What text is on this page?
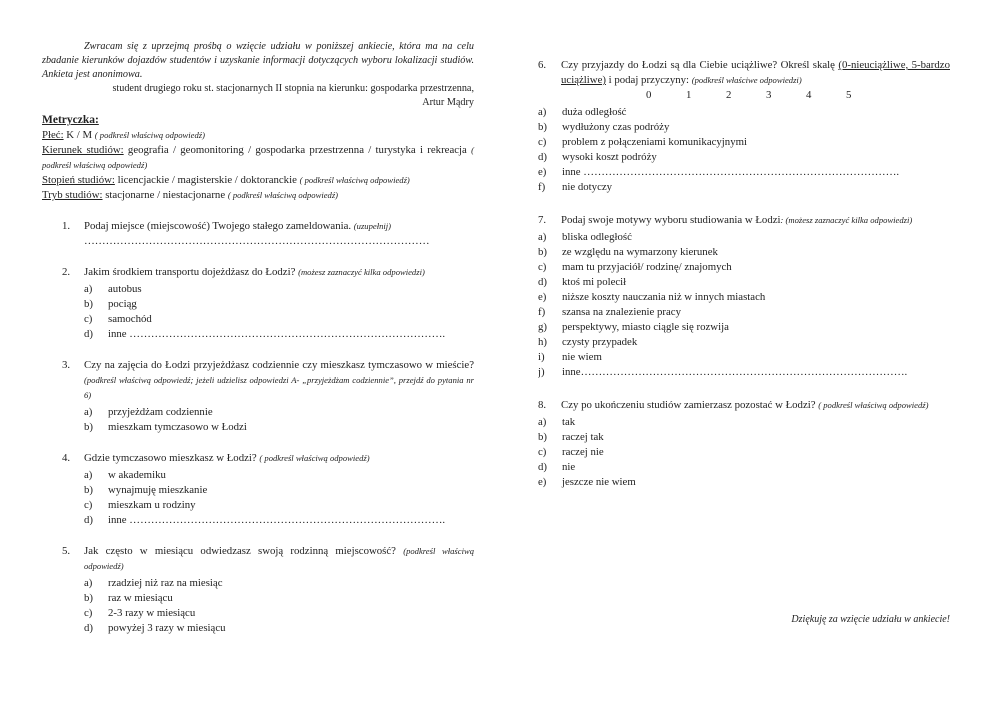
Zwracam się z uprzejmą prośbą o wzięcie udziału w poniższej ankiecie, która ma na celu zbadanie kierunków dojazdów studentów i uzyskanie informacji dotyczących wyboru lokalizacji studiów. Ankieta jest anonimowa.
student drugiego roku st. stacjonarnych II stopnia na kierunku: gospodarka przestrzenna,
Artur Mądry
Metryczka:
Płeć: K / M ( podkreśl właściwą odpowiedź)
Kierunek studiów: geografia / geomonitoring / gospodarka przestrzenna / turystyka i rekreacja ( podkreśl właściwą odpowiedź)
Stopień studiów: licencjackie / magisterskie / doktoranckie ( podkreśl właściwą odpowiedź)
Tryb studiów: stacjonarne / niestacjonarne ( podkreśl właściwą odpowiedź)
1.	Podaj miejsce (miejscowość) Twojego stałego zameldowania. (uzupełnij)
……………………………………………………………………………………
2.	Jakim środkiem transportu dojeżdżasz do Łodzi? (możesz zaznaczyć kilka odpowiedzi)
a) autobus
b) pociąg
c) samochód
d) inne …………………………………………………………………………….
3.	Czy na zajęcia do Łodzi przyjeżdżasz codziennie czy mieszkasz tymczasowo w mieście? (podkreśl właściwą odpowiedź; jeżeli udzielisz odpowiedzi A- „przyjeżdżam codziennie”, przejdź do pytania nr 6)
a) przyjeżdżam codziennie
b) mieszkam tymczasowo w Łodzi
4.	Gdzie tymczasowo mieszkasz w Łodzi? ( podkreśl właściwą odpowiedź)
a) w akademiku
b) wynajmuję mieszkanie
c) mieszkam u rodziny
d) inne …………………………………………………………………………….
5.	Jak często w miesiącu odwiedzasz swoją rodzinną miejscowość? (podkreśl właściwą odpowiedź)
a) rzadziej niż raz na miesiąc
b) raz w miesiącu
c) 2-3 razy w miesiącu
d) powyżej 3 razy w miesiącu
6.	Czy przyjazdy do Łodzi są dla Ciebie uciążliwe? Określ skalę (0-nieuciążliwe, 5-bardzo uciążliwe) i podaj przyczyny: (podkreśl właściwe odpowiedzi)
0	1	2	3	4	5
a) duża odległość
b) wydłużony czas podróży
c) problem z połączeniami komunikacyjnymi
d) wysoki koszt podróży
e) inne …………………………………………………………………………….
f) nie dotyczy
7.	Podaj swoje motywy wyboru studiowania w Łodzi: (możesz zaznaczyć kilka odpowiedzi)
a) bliska odległość
b) ze względu na wymarzony kierunek
c) mam tu przyjaciół/ rodzinę/ znajomych
d) ktoś mi polecił
e) niższe koszty nauczania niż w innych miastach
f) szansa na znalezienie pracy
g) perspektywy, miasto ciągle się rozwija
h) czysty przypadek
i) nie wiem
j) inne……………………………………………………………………………….
8.	Czy po ukończeniu studiów zamierzasz pozostać w Łodzi? ( podkreśl właściwą odpowiedź)
a) tak
b) raczej tak
c) raczej nie
d) nie
e) jeszcze nie wiem
Dziękuję za wzięcie udziału w ankiecie!
